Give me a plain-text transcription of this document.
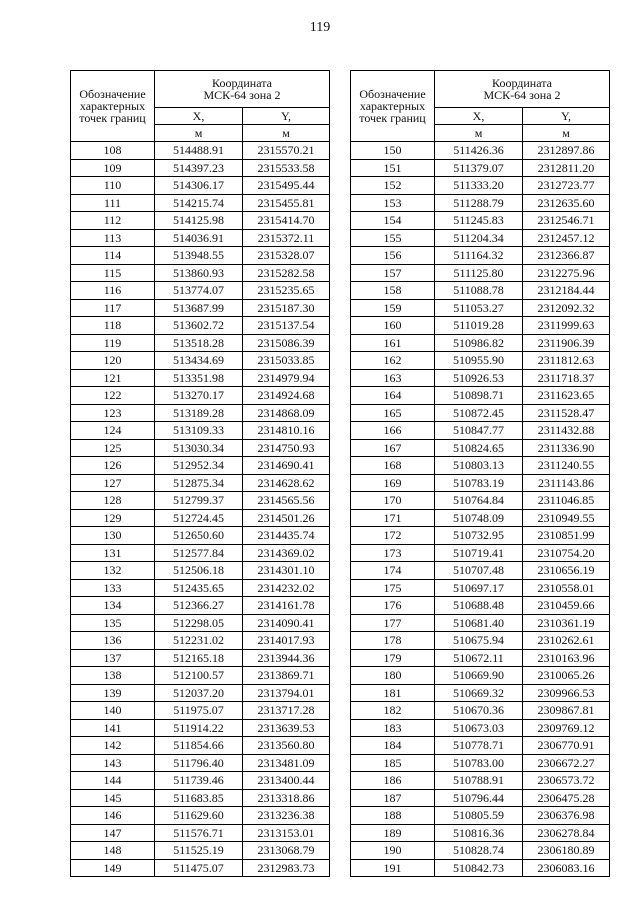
119
Обозначение характерных точек границ	Координата
МСК-64 зона 2	
	X,	Y,
	м	м
108	514488.91	2315570.21
109	514397.23	2315533.58
110	514306.17	2315495.44
111	514215.74	2315455.81
112	514125.98	2315414.70
113	514036.91	2315372.11
114	513948.55	2315328.07
115	513860.93	2315282.58
116	513774.07	2315235.65
117	513687.99	2315187.30
118	513602.72	2315137.54
119	513518.28	2315086.39
120	513434.69	2315033.85
121	513351.98	2314979.94
122	513270.17	2314924.68
123	513189.28	2314868.09
124	513109.33	2314810.16
125	513030.34	2314750.93
126	512952.34	2314690.41
127	512875.34	2314628.62
128	512799.37	2314565.56
129	512724.45	2314501.26
130	512650.60	2314435.74
131	512577.84	2314369.02
132	512506.18	2314301.10
133	512435.65	2314232.02
134	512366.27	2314161.78
135	512298.05	2314090.41
136	512231.02	2314017.93
137	512165.18	2313944.36
138	512100.57	2313869.71
139	512037.20	2313794.01
140	511975.07	2313717.28
141	511914.22	2313639.53
142	511854.66	2313560.80
143	511796.40	2313481.09
144	511739.46	2313400.44
145	511683.85	2313318.86
146	511629.60	2313236.38
147	511576.71	2313153.01
148	511525.19	2313068.79
149	511475.07	2312983.73
Обозначение характерных точек границ	Координата
МСК-64 зона 2	
	X,	Y,
	м	м
150	511426.36	2312897.86
151	511379.07	2312811.20
152	511333.20	2312723.77
153	511288.79	2312635.60
154	511245.83	2312546.71
155	511204.34	2312457.12
156	511164.32	2312366.87
157	511125.80	2312275.96
158	511088.78	2312184.44
159	511053.27	2312092.32
160	511019.28	2311999.63
161	510986.82	2311906.39
162	510955.90	2311812.63
163	510926.53	2311718.37
164	510898.71	2311623.65
165	510872.45	2311528.47
166	510847.77	2311432.88
167	510824.65	2311336.90
168	510803.13	2311240.55
169	510783.19	2311143.86
170	510764.84	2311046.85
171	510748.09	2310949.55
172	510732.95	2310851.99
173	510719.41	2310754.20
174	510707.48	2310656.19
175	510697.17	2310558.01
176	510688.48	2310459.66
177	510681.40	2310361.19
178	510675.94	2310262.61
179	510672.11	2310163.96
180	510669.90	2310065.26
181	510669.32	2309966.53
182	510670.36	2309867.81
183	510673.03	2309769.12
184	510778.71	2306770.91
185	510783.00	2306672.27
186	510788.91	2306573.72
187	510796.44	2306475.28
188	510805.59	2306376.98
189	510816.36	2306278.84
190	510828.74	2306180.89
191	510842.73	2306083.16
